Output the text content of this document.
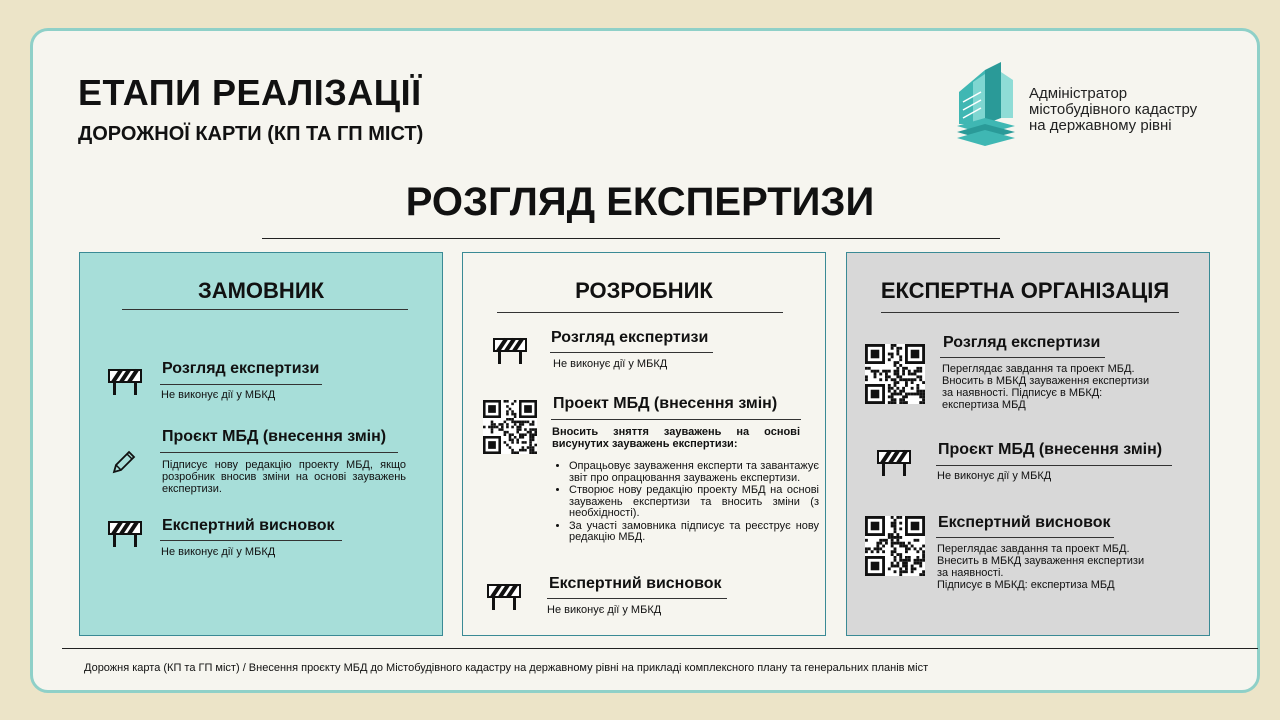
ЕТАПИ РЕАЛІЗАЦІЇ
ДОРОЖНОЇ КАРТИ (КП ТА ГП МІСТ)
Адміністратор
містобудівного кадастру
на державному рівні
РОЗГЛЯД ЕКСПЕРТИЗИ
ЗАМОВНИК
Розгляд експертизи
Не виконує дії у МБКД
Проєкт МБД (внесення змін)
Підписує нову редакцію проекту МБД, якщо розробник вносив зміни на основі зауважень експертизи.
Експертний висновок
Не виконує дії у МБКД
РОЗРОБНИК
Розгляд експертизи
Не виконує дії у МБКД
Проект МБД (внесення змін)
Вносить зняття зауважень на основі висунутих зауважень експертизи:
• Опрацьовує зауваження експерти та завантажує звіт про опрацювання зауважень експертизи.
• Створює нову редакцію проекту МБД на основі зауважень експертизи та вносить зміни (з необхідності).
• За участі замовника підписує та реєструє нову редакцію МБД.
Експертний висновок
Не виконує дії у МБКД
ЕКСПЕРТНА ОРГАНІЗАЦІЯ
Розгляд експертизи
Переглядає завдання та проект МБД.
Вносить в МБКД зауваження експертизи
за наявності. Підписує в МБКД:
експертиза МБД
Проєкт МБД (внесення змін)
Не виконує дії у МБКД
Експертний висновок
Переглядає завдання та проект МБД.
Внесить в МБКД зауваження експертизи
за наявності.
Підписує в МБКД: експертиза МБД
Дорожня карта (КП та ГП міст) / Внесення проєкту МБД до Містобудівного кадастру на державному рівні на прикладі комплексного плану та генеральних планів міст
